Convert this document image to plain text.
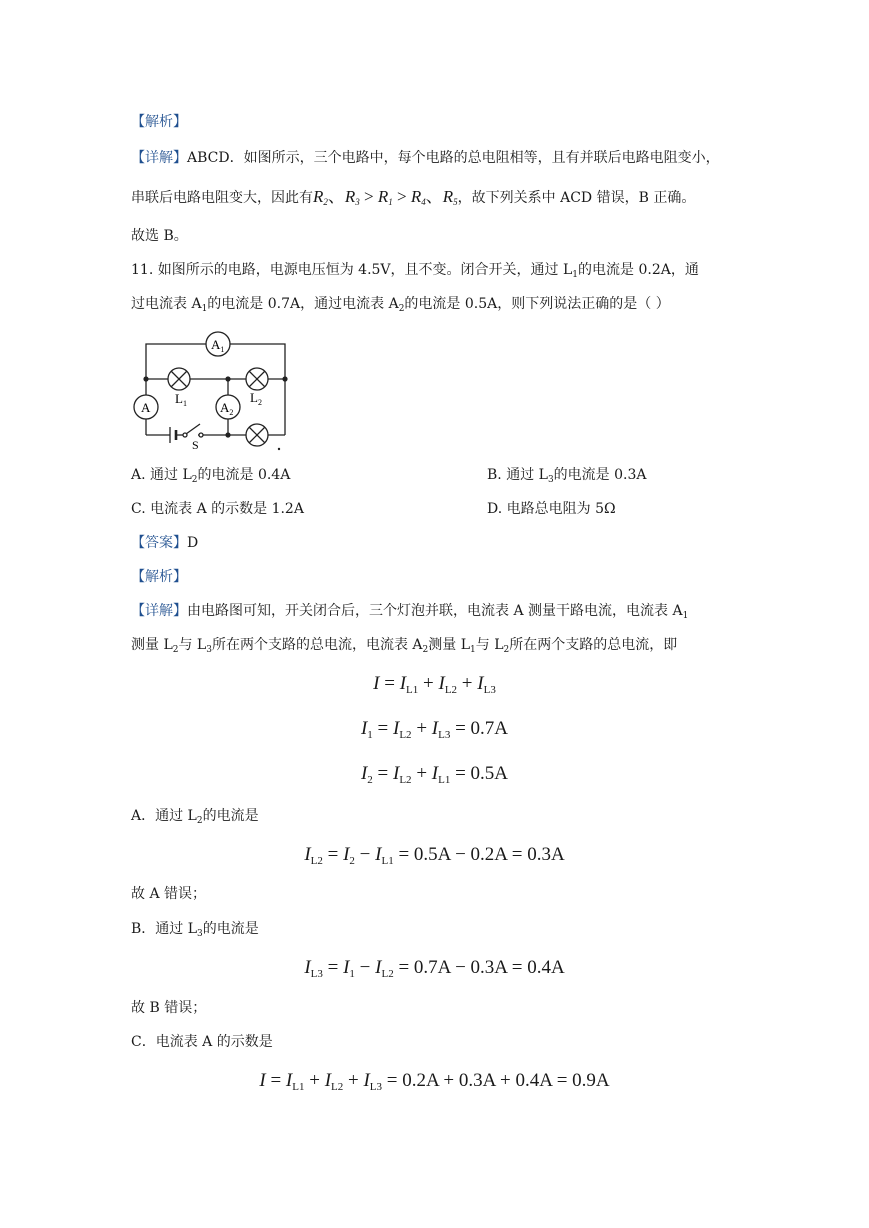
【解析】
【详解】ABCD．如图所示，三个电路中，每个电路的总电阻相等，且有并联后电路电阻变小，
串联后电路电阻变大，因此有$R_2$、$R_3 > R_1 > R_4$、$R_5$，故下列关系中 ACD 错误，B 正确。
故选 B。
11. 如图所示的电路，电源电压恒为 4.5V，且不变。闭合开关，通过 $L_1$的电流是 0.2A，通
过电流表 $A_1$的电流是 0.7A，通过电流表 $A_2$的电流是 0.5A，则下列说法正确的是（ ）
S
$A_1$
A	$A_2$
$L_1$	$L_2$
A. 通过 $L_2$的电流是 0.4A	B. 通过 $L_3$的电流是 0.3A
C. 电流表 A 的示数是 1.2A	D. 电路总电阻为 5Ω
【答案】D
【解析】
【详解】由电路图可知，开关闭合后，三个灯泡并联，电流表 A 测量干路电流，电流表 $A_1$
测量 $L_2$与 $L_3$所在两个支路的总电流，电流表 $A_2$测量 $L_1$与 $L_2$所在两个支路的总电流，即
$I = I_{L1} + I_{L2} + I_{L3}$
$I_1 = I_{L2} + I_{L3} = 0.7A$
$I_2 = I_{L2} + I_{L1} = 0.5A$
A．通过 $L_2$的电流是
$I_{L2} = I_2 - I_{L1} = 0.5A - 0.2A = 0.3A$
故 A 错误；
B．通过 $L_3$的电流是
$I_{L3} = I_1 - I_{L2} = 0.7A - 0.3A = 0.4A$
故 B 错误；
C．电流表 A 的示数是
$I = I_{L1} + I_{L2} + I_{L3} = 0.2A + 0.3A + 0.4A = 0.9A$
